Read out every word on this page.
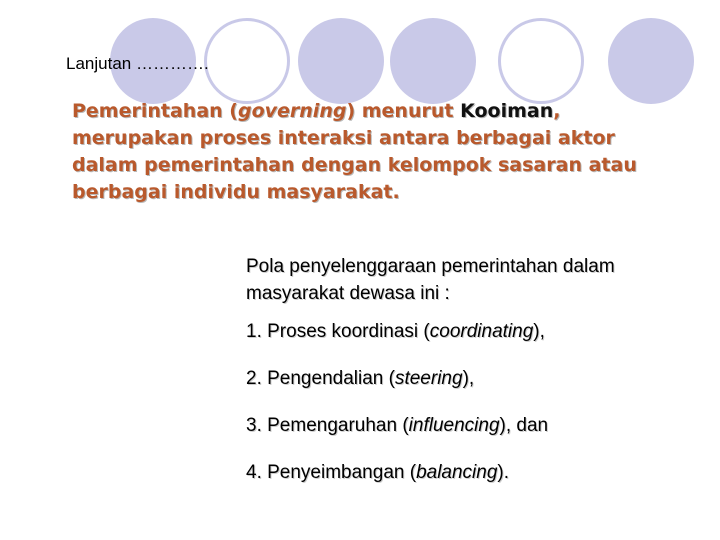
Lanjutan ………….
Pemerintahan (governing) menurut Kooiman, merupakan proses interaksi antara berbagai aktor dalam pemerintahan dengan kelompok sasaran atau berbagai individu masyarakat.
Pola penyelenggaraan pemerintahan dalam masyarakat dewasa ini :
1. Proses koordinasi (coordinating),
2. Pengendalian (steering),
3. Pemengaruhan (influencing), dan
4. Penyeimbangan (balancing).
